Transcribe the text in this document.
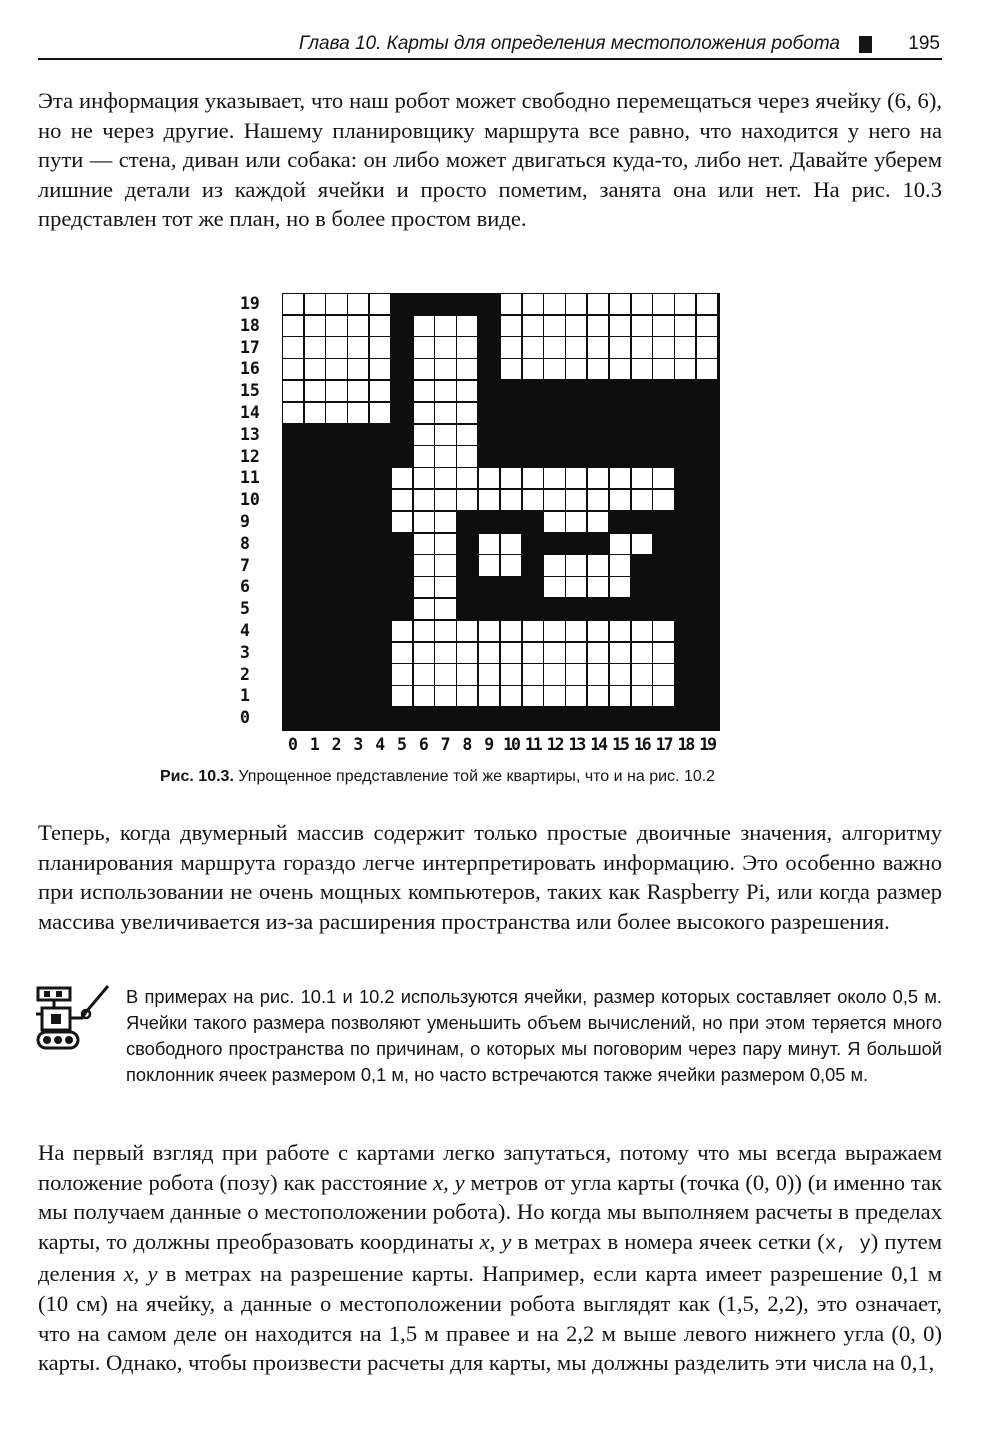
Глава 10. Карты для определения местоположения робота	195

Эта информация указывает, что наш робот может свободно перемещаться через ячейку (6, 6), но не через другие. Нашему планировщику маршрута все равно, что находится у него на пути — стена, диван или собака: он либо может двигаться куда-то, либо нет. Давайте уберем лишние детали из каждой ячейки и просто пометим, занята она или нет. На рис. 10.3 представлен тот же план, но в более простом виде.

19
18
17
16
15
14
13
12
11
10
9
8
7
6
5
4
3
2
1
0
0 1 2 3 4 5 6 7 8 9 10 11 12 13 14 15 16 17 18 19
Рис. 10.3. Упрощенное представление той же квартиры, что и на рис. 10.2

Теперь, когда двумерный массив содержит только простые двоичные значения, алгоритму планирования маршрута гораздо легче интерпретировать информацию. Это особенно важно при использовании не очень мощных компьютеров, таких как Raspberry Pi, или когда размер массива увеличивается из-за расширения пространства или более высокого разрешения.

В примерах на рис. 10.1 и 10.2 используются ячейки, размер которых составляет около 0,5 м. Ячейки такого размера позволяют уменьшить объем вычислений, но при этом теряется много свободного пространства по причинам, о которых мы поговорим через пару минут. Я большой поклонник ячеек размером 0,1 м, но часто встречаются также ячейки размером 0,05 м.

На первый взгляд при работе с картами легко запутаться, потому что мы всегда выражаем положение робота (позу) как расстояние x, y метров от угла карты (точка (0, 0)) (и именно так мы получаем данные о местоположении робота). Но когда мы выполняем расчеты в пределах карты, то должны преобразовать координаты x, y в метрах в номера ячеек сетки (x, y) путем деления x, y в метрах на разрешение карты. Например, если карта имеет разрешение 0,1 м (10 см) на ячейку, а данные о местоположении робота выглядят как (1,5, 2,2), это означает, что на самом деле он находится на 1,5 м правее и на 2,2 м выше левого нижнего угла (0, 0) карты. Однако, чтобы произвести расчеты для карты, мы должны разделить эти числа на 0,1,
